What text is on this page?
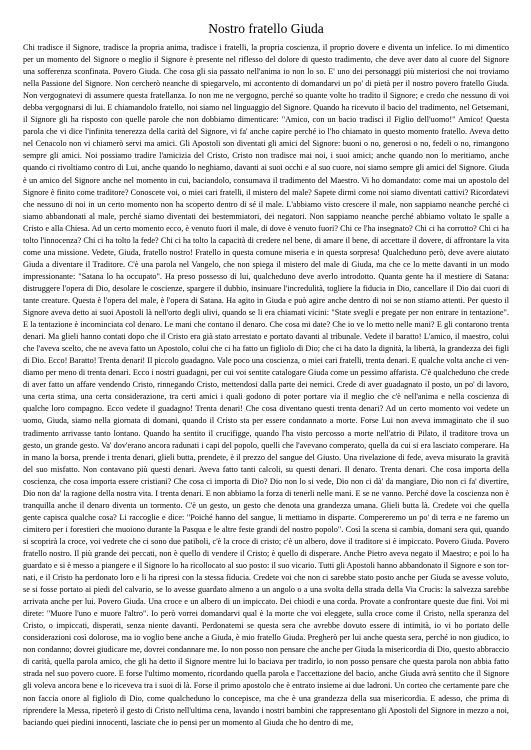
Nostro fratello Giuda

Chi tradisce il Signore, tradisce la propria anima, tradisce i fratelli, la propria coscienza, il proprio dovere e diventa un infelice. Io mi dimentico per un momento del Signore o meglio il Signore è presente nel riflesso del dolore di questo tradimento, che deve aver dato al cuore del Signore una sofferenza sconfinata. Povero Giuda. Che cosa gli sia passato nell'anima io non lo so. E' uno dei personaggi più misteriosi che noi troviamo nella Passione del Signore. Non cercherò neanche di spiegarvelo, mi accontento di domandarvi un po' di pietà per il nostro povero fratello Giuda. Non vergognatevi di assumere questa fratellanza. Io non me ne vergogno, perché so quante volte ho tradito il Signore; e credo che nessuno di voi debba vergognarsi di lui. E chiamandolo fratello, noi siamo nel linguaggio del Signore. Quando ha ricevuto il bacio del tradimento, nel Getsemani, il Signore gli ha risposto con quelle parole che non dobbiamo dimenticare: "Amico, con un bacio tradisci il Figlio dell'uomo!" Amico! Questa parola che vi dice l'infinita tenerezza della carità del Signore, vi fa' anche capire perché io l'ho chiamato in questo momento fratello. Aveva detto nel Cenacolo non vi chiamerò servi ma amici. Gli Apostoli son diventati gli amici del Signore: buoni o no, generosi o no, fedeli o no, rimangono sempre gli amici. Noi possiamo tradire l'amicizia del Cristo, Cristo non tradisce mai noi, i suoi amici; anche quando non lo meritiamo, anche quando ci rivoltiamo contro di Lui, anche quando lo neghiamo, davanti ai suoi occhi e al suo cuore, noi siamo sempre gli amici del Signore. Giuda è un amico del Signore anche nel momento in cui, baciandolo, consumava il tradimento del Maestro. Vi ho domandato: come mai un apostolo del Signore è finito come traditore? Conoscete voi, o miei cari fratelli, il mistero del male? Sapete dirmi come noi siamo diventati cattivi? Ricordatevi che nessuno di noi in un certo momento non ha scoperto dentro di sé il male. L'abbiamo visto crescere il male, non sappiamo neanche perché ci siamo abbandonati al male, perché siamo diventati dei bestemmiatori, dei negatori. Non sappiamo neanche perché abbiamo voltato le spalle a Cristo e alla Chiesa. Ad un certo momento ecco, è venuto fuori il male, di dove è venuto fuori? Chi ce l'ha insegnato? Chi ci ha corrotto? Chi ci ha tolto l'innocenza? Chi ci ha tolto la fede? Chi ci ha tolto la capacità di credere nel bene, di amare il bene, di accettare il dovere, di affrontare la vita come una missione. Vedete, Giuda, fratello nostro! Fratello in questa comune miseria e in questa sorpresa! Qualcheduno però, deve avere aiutato Giuda a diventare il Traditore. C'è una parola nel Vangelo, che non spiega il mistero del male di Giuda, ma che ce lo mette davanti in un modo impressionante: "Satana lo ha occupato". Ha preso possesso di lui, qualcheduno deve averlo introdotto. Quanta gente ha il mestiere di Satana: distruggere l'opera di Dio, desolare le coscienze, spargere il dubbio, insinuare l'incredulità, togliere la fiducia in Dio, cancellare il Dio dai cuori di tante creature. Questa è l'opera del male, è l'opera di Satana. Ha agito in Giuda e può agire anche dentro di noi se non stiamo attenti. Per questo il Signore aveva detto ai suoi Apostoli là nell'orto degli ulivi, quando se li era chiamati vicini: "State svegli e pregate per non entrare in tentazione". E la tentazione è incominciata col denaro. Le mani che contano il denaro. Che cosa mi date? Che io ve lo metto nelle mani? E gli contarono trenta denari. Ma glieli hanno contati dopo che il Cristo era già stato arrestato e portato davanti al tribunale. Vedete il baratto! L'amico, il maestro, colui che l'aveva scelto, che ne aveva fatto un Apostolo, colui che ci ha fatto un figliolo di Dio; che ci ha dato la dignità, la libertà, la grandezza dei figli di Dio. Ecco! Baratto! Trenta denari! Il piccolo guadagno. Vale poco una coscienza, o miei cari fratelli, trenta denari. E qualche volta anche ci vendiamo per meno di trenta denari. Ecco i nostri guadagni, per cui voi sentite catalogare Giuda come un pessimo affarista. C'è qualcheduno che crede di aver fatto un affare vendendo Cristo, rinnegando Cristo, mettendosi dalla parte dei nemici. Crede di aver guadagnato il posto, un po' di lavoro, una certa stima, una certa considerazione, tra certi amici i quali godono di poter portare via il meglio che c'è nell'anima e nella coscienza di qualche loro compagno. Ecco vedete il guadagno! Trenta denari! Che cosa diventano questi trenta denari? Ad un certo momento voi vedete un uomo, Giuda, siamo nella giornata di domani, quando il Cristo sta per essere condannato a morte. Forse Lui non aveva immaginato che il suo tradimento arrivasse tanto lontano. Quando ha sentito il crucifigge, quando l'ha visto percosso a morte nell'atrio di Pilato, il traditore trova un gesto, un grande gesto. Va' dov'erano ancora radunati i capi del popolo, quelli che l'avevano comperato, quella da cui si era lasciato comperare. Ha in mano la borsa, prende i trenta denari, glieli butta, prendete, è il prezzo del sangue del Giusto. Una rivelazione di fede, aveva misurato la gravità del suo misfatto. Non contavano più questi denari. Aveva fatto tanti calcoli, su questi denari. Il denaro. Trenta denari. Che cosa importa della coscienza, che cosa importa essere cristiani? Che cosa ci importa di Dio? Dio non lo si vede, Dio non ci dà' da mangiare, Dio non ci fa' divertire, Dio non da' la ragione della nostra vita. I trenta denari. E non abbiamo la forza di tenerli nelle mani. E se ne vanno. Perché dove la coscienza non è tranquilla anche il denaro diventa un tormento. C'è un gesto, un gesto che denota una grandezza umana. Glieli butta là. Credete voi che quella gente capisca qualche cosa? Li raccoglie e dice: "Poiché hanno del sangue, li mettiamo in disparte. Compereremo un po' di terra e ne faremo un cimitero per i forestieri che muoiono durante la Pasqua e le altre feste grandi del nostro popolo". Così la scena si cambia, domani sera qui, quando si scoprirà la croce, voi vedrete che ci sono due patiboli, c'è la croce di cristo; c'è un albero, dove il traditore si è impiccato. Povero Giuda. Povero fratello nostro. Il più grande dei peccati, non è quello di vendere il Cristo; è quello di disperare. Anche Pietro aveva negato il Maestro; e poi lo ha guardato e si è messo a piangere e il Signore lo ha ricollocato al suo posto: il suo vicario. Tutti gli Apostoli hanno abbandonato il Signore e son tornati, e il Cristo ha perdonato loro e li ha ripresi con la stessa fiducia. Credete voi che non ci sarebbe stato posto anche per Giuda se avesse voluto, se si fosse portato ai piedi del calvario, se lo avesse guardato almeno a un angolo o a una svolta della strada della Via Crucis: la salvezza sarebbe arrivata anche per lui. Povero Giuda. Una croce e un albero di un impiccato. Dei chiodi e una corda. Provate a confrontare queste due fini. Voi mi direte: "Muore l'uno e muore l'altro". Io però vorrei domandarvi qual è la morte che voi eleggete, sulla croce come il Cristo, nella speranza del Cristo, o impiccati, disperati, senza niente davanti. Perdonatemi se questa sera che avrebbe dovuto essere di intimità, io vi ho portato delle considerazioni così dolorose, ma io voglio bene anche a Giuda, è mio fratello Giuda. Pregherò per lui anche questa sera, perché io non giudico, io non condanno; dovrei giudicare me, dovrei condannare me. Io non posso non pensare che anche per Giuda la misericordia di Dio, questo abbraccio di carità, quella parola amico, che gli ha detto il Signore mentre lui lo baciava per tradirlo, io non posso pensare che questa parola non abbia fatto strada nel suo povero cuore. E forse l'ultimo momento, ricordando quella parola e l'accettazione del bacio, anche Giuda avrà sentito che il Signore gli voleva ancora bene e lo riceveva tra i suoi di là. Forse il primo apostolo che è entrato insieme ai due ladroni. Un corteo che certamente pare che non faccia onore al figliolo di Dio, come qualcheduno lo concepisce, ma che è una grandezza della sua misericordia. E adesso, che prima di riprendere la Messa, ripeterò il gesto di Cristo nell'ultima cena, lavando i nostri bambini che rappresentano gli Apostoli del Signore in mezzo a noi, baciando quei piedini innocenti, lasciate che io pensi per un momento al Giuda che ho dentro di me,
